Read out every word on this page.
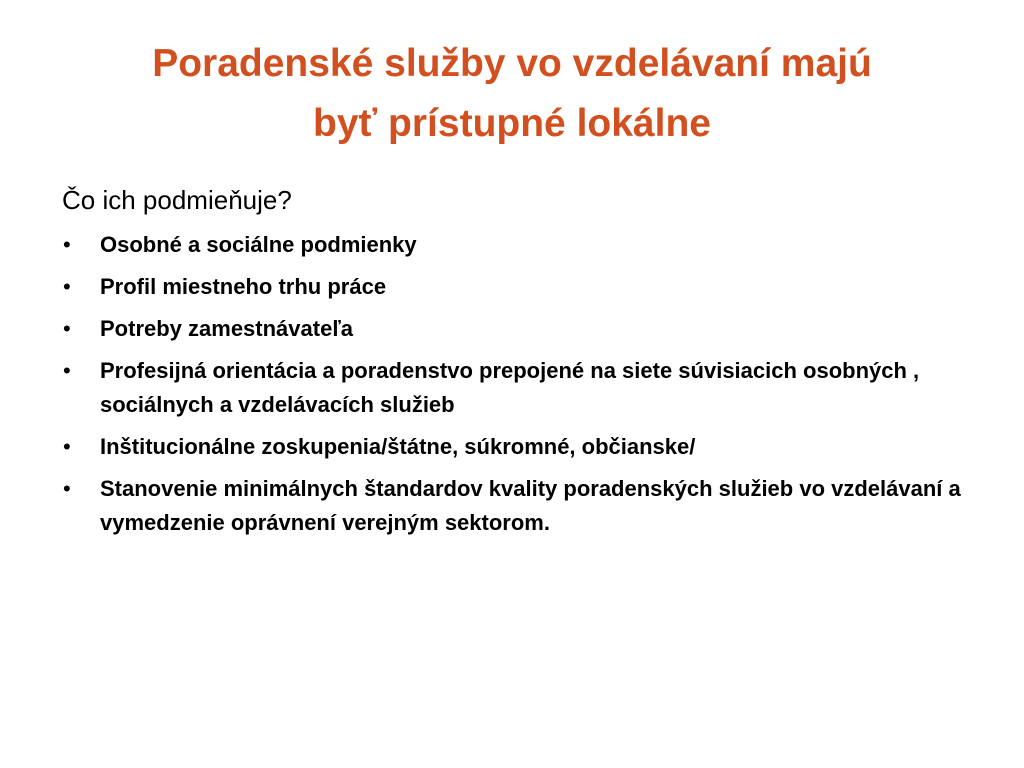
Poradenské služby vo vzdelávaní majú
byť prístupné lokálne

Čo ich podmieňuje?

•	Osobné a sociálne podmienky
•	Profil miestneho trhu práce
•	Potreby zamestnávateľa
•	Profesijná orientácia a poradenstvo prepojené na siete súvisiacich osobných , sociálnych a vzdelávacích služieb
•	Inštitucionálne zoskupenia/štátne, súkromné, občianske/
•	Stanovenie minimálnych štandardov kvality poradenských služieb vo vzdelávaní a vymedzenie oprávnení verejným sektorom.
